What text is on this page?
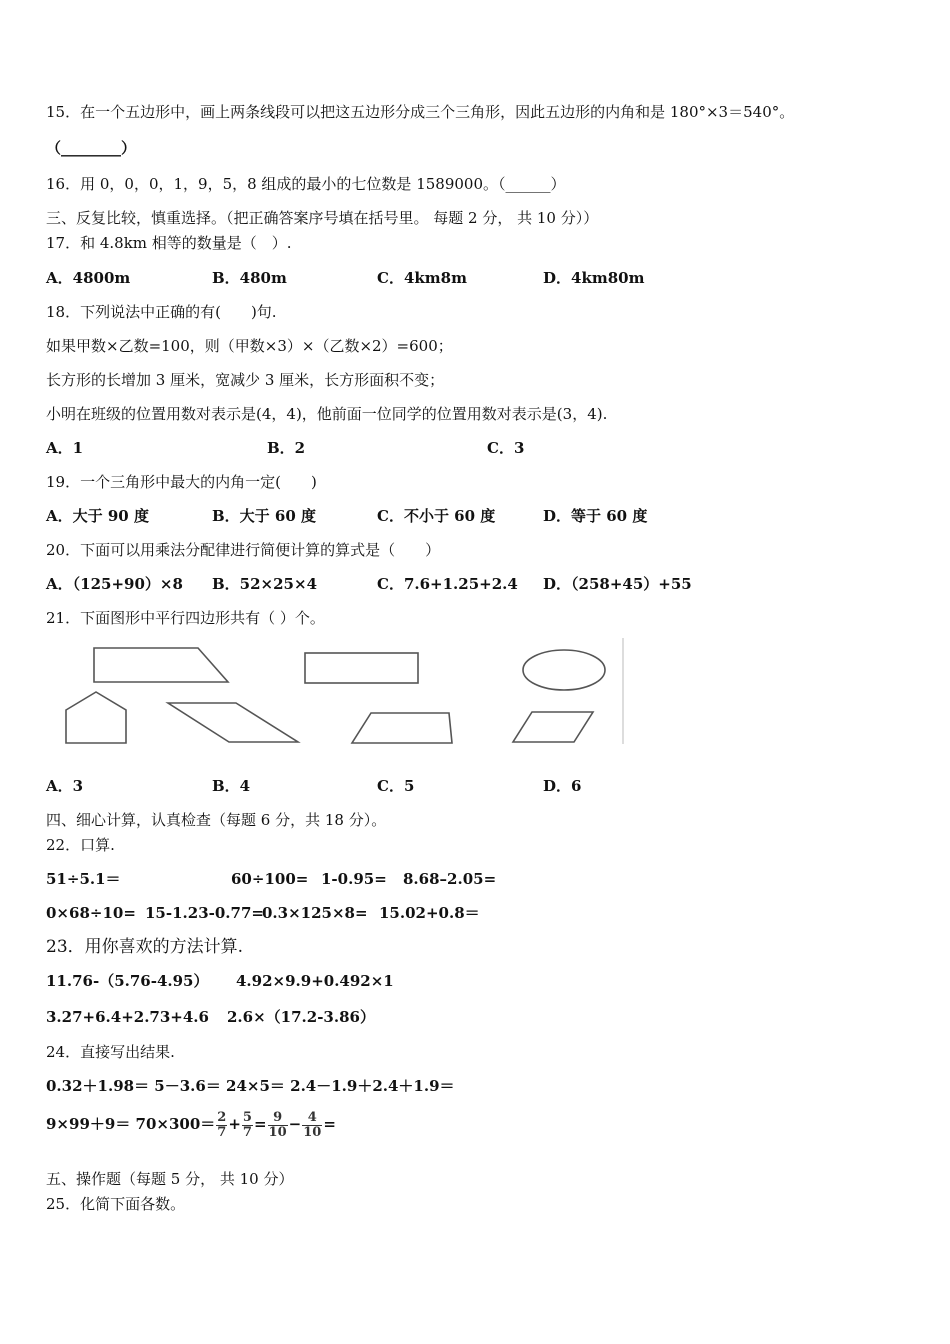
15．在一个五边形中，画上两条线段可以把这五边形分成三个三角形，因此五边形的内角和是 180°×3＝540°。
（________）
16．用 0，0，0，1，9，5，8 组成的最小的七位数是 1589000。（______）
三、反复比较，慎重选择。（把正确答案序号填在括号里。 每题 2 分， 共 10 分））
17．和 4.8km 相等的数量是（　）.
A．4800m	B．480m	C．4km8m	D．4km80m
18．下列说法中正确的有(　　)句.
如果甲数×乙数=100，则（甲数×3）×（乙数×2）=600；
长方形的长增加 3 厘米，宽减少 3 厘米，长方形面积不变；
小明在班级的位置用数对表示是(4，4)，他前面一位同学的位置用数对表示是(3，4).
A．1	B．2	C．3
19．一个三角形中最大的内角一定(　　)
A．大于 90 度	B．大于 60 度	C．不小于 60 度	D．等于 60 度
20．下面可以用乘法分配律进行简便计算的算式是（　　）
A．（125+90）×8 B．52×25×4	C．7.6+1.25+2.4 D．（258+45）+55
21．下面图形中平行四边形共有（ ）个。
A．3	B．4	C．5	D．6
四、细心计算，认真检查（每题 6 分，共 18 分）。
22．口算.
51÷5.1＝	60÷100= 1-0.95= 8.68–2.05=
0×68÷10= 15-1.23-0.77=
0.3×125×8= 15.02+0.8＝
23．用你喜欢的方法计算.
11.76-（5.76-4.95） 4.92×9.9+0.492×1
3.27+6.4+2.73+4.6 2.6×（17.2-3.86）
24．直接写出结果.
0.32＋1.98＝ 5－3.6＝ 24×5＝ 2.4－1.9＋2.4＋1.9＝
$9\times 99+9= 70\times 300= \frac{2}{7} + \frac{5}{7} = \frac{9}{10} - \frac{4}{10}$ =
五、操作题（每题 5 分， 共 10 分）
25．化简下面各数。
